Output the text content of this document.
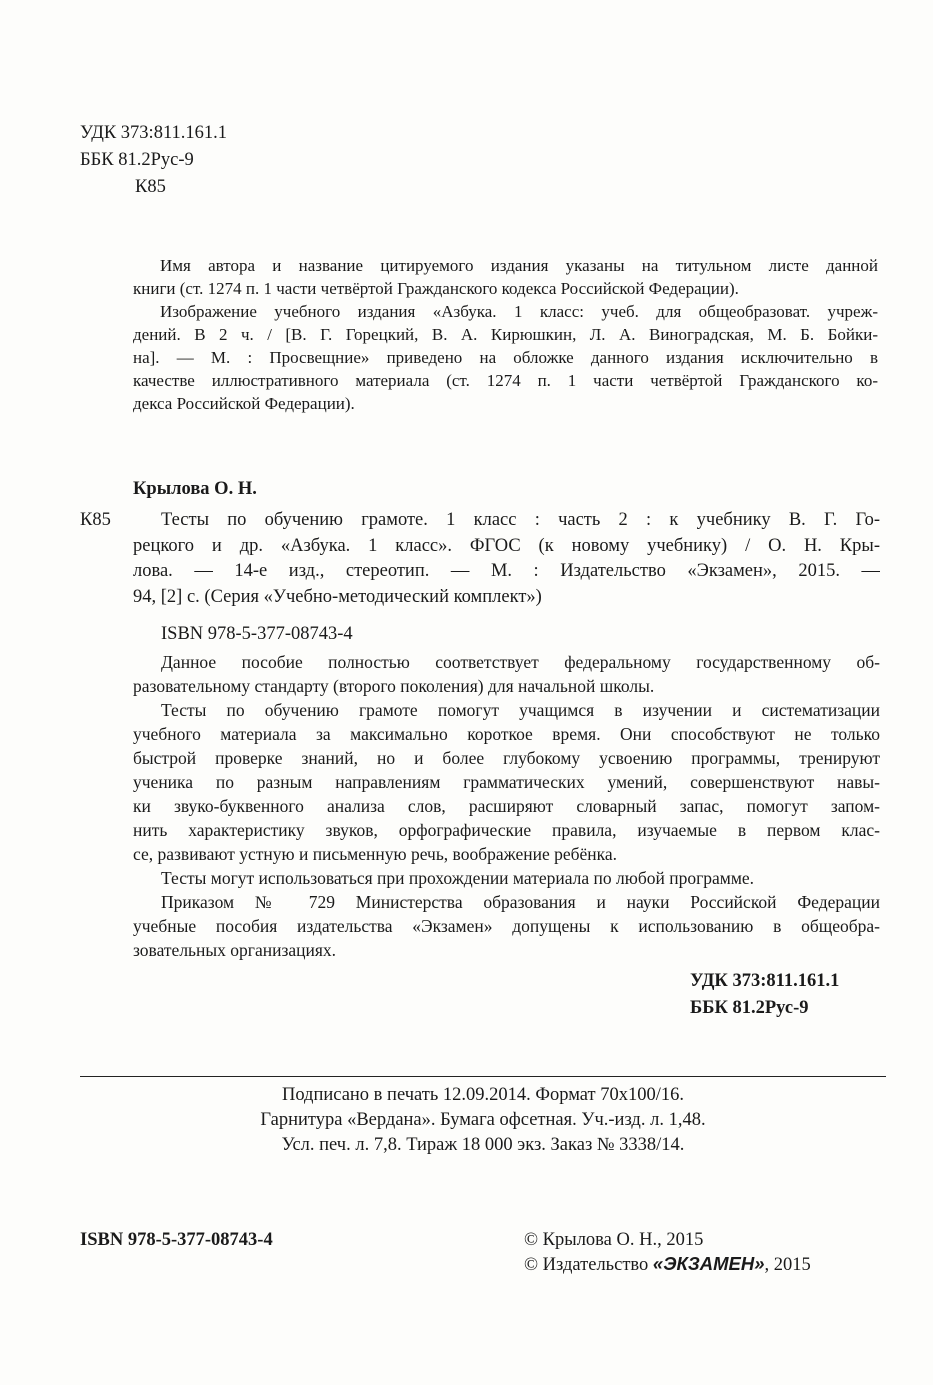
УДК 373:811.161.1
ББК 81.2Рус-9
К85
Имя автора и название цитируемого издания указаны на титульном листе данной
книги (ст. 1274 п. 1 части четвёртой Гражданского кодекса Российской Федерации).
Изображение учебного издания «Азбука. 1 класс: учеб. для общеобразоват. учреж-
дений. В 2 ч. / [В. Г. Горецкий, В. А. Кирюшкин, Л. А. Виноградская, М. Б. Бойки-
на]. — М. : Просвещние» приведено на обложке данного издания исключительно в
качестве иллюстративного материала (ст. 1274 п. 1 части четвёртой Гражданского ко-
декса Российской Федерации).
Крылова О. Н.
К85	Тесты по обучению грамоте. 1 класс : часть 2 : к учебнику В. Г. Го-
рецкого и др. «Азбука. 1 класс». ФГОС (к новому учебнику) / О. Н. Кры-
лова. — 14-е изд., стереотип. — М. : Издательство «Экзамен», 2015. —
94, [2] с. (Серия «Учебно-методический комплект»)
ISBN 978-5-377-08743-4
Данное пособие полностью соответствует федеральному государственному об-
разовательному стандарту (второго поколения) для начальной школы.
Тесты по обучению грамоте помогут учащимся в изучении и систематизации
учебного материала за максимально короткое время. Они способствуют не только
быстрой проверке знаний, но и более глубокому усвоению программы, тренируют
ученика по разным направлениям грамматических умений, совершенствуют навы-
ки звуко-буквенного анализа слов, расширяют словарный запас, помогут запом-
нить характеристику звуков, орфографические правила, изучаемые в первом клас-
се, развивают устную и письменную речь, воображение ребёнка.
Тесты могут использоваться при прохождении материала по любой программе.
Приказом № 729 Министерства образования и науки Российской Федерации
учебные пособия издательства «Экзамен» допущены к использованию в общеобра-
зовательных организациях.
УДК 373:811.161.1
ББК 81.2Рус-9
Подписано в печать 12.09.2014. Формат 70х100/16.
Гарнитура «Вердана». Бумага офсетная. Уч.-изд. л. 1,48.
Усл. печ. л. 7,8. Тираж 18 000 экз. Заказ № 3338/14.
ISBN 978-5-377-08743-4	© Крылова О. Н., 2015
© Издательство «ЭКЗАМЕН», 2015
